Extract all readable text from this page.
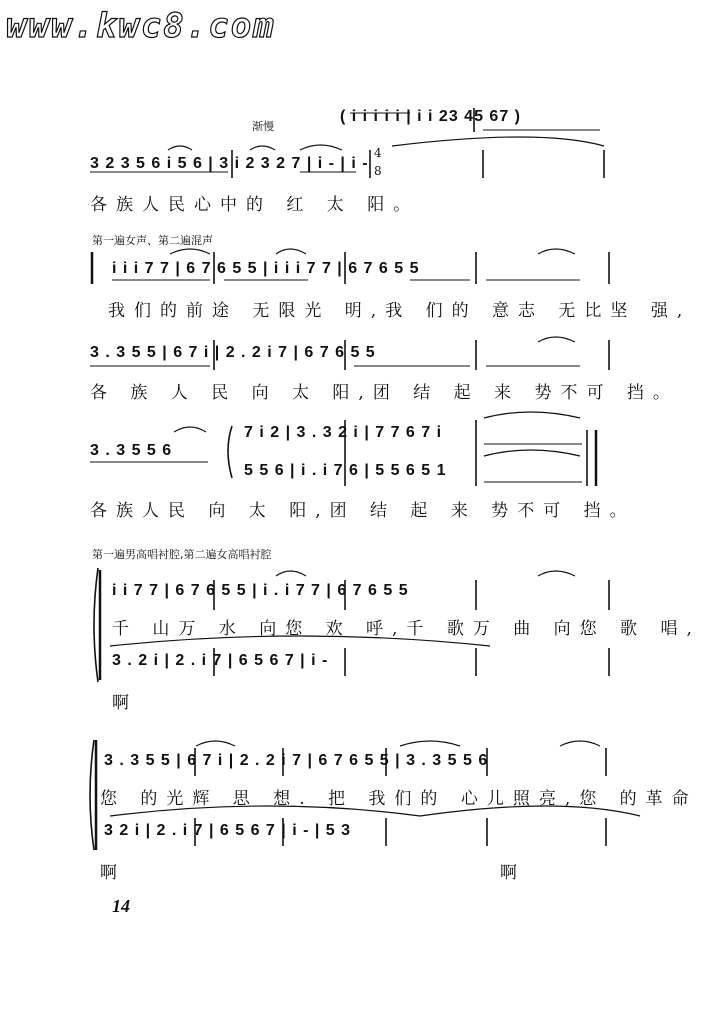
www.kwc8.com
渐慢
( i i i i i | i i 23 45 67 )
3 2 3 5 6 i 5 6 | 3 i 2 3 2 7 | i - | i -
4
8
各族人民心中的 红 太 阳。
第一遍女声、第二遍混声
i i i 7 7 | 6 7 6 5 5 | i i i 7 7 | 6 7 6 5 5
我们的前途 无限光 明,我 们的 意志 无比坚 强,
3 . 3 5 5 | 6 7 i | 2 . 2 i 7 | 6 7 6 5 5
各 族 人 民 向 太 阳,团 结 起 来 势不可 挡。
3 . 3 5 5 6
7 i 2 | 3 . 3 2 i | 7 7 6 7 i
5 5 6 | i . i 7 6 | 5 5 6 5 1
各族人民 向 太 阳,团 结 起 来 势不可 挡。
第一遍男高唱衬腔,第二遍女高唱衬腔
i i 7 7 | 6 7 6 5 5 | i . i 7 7 | 6 7 6 5 5
千 山万 水 向您 欢 呼,千 歌万 曲 向您 歌 唱,
3 . 2 i | 2 . i 7 | 6 5 6 7 | i -
啊
3 . 3 5 5 | 6 7 i | 2 . 2 i 7 | 6 7 6 5 5 | 3 . 3 5 5 6
您 的光辉 思 想. 把 我们的 心儿照亮,您 的革命
3 2 i | 2 . i 7 | 6 5 6 7 | i - | 5 3
啊	啊
14
